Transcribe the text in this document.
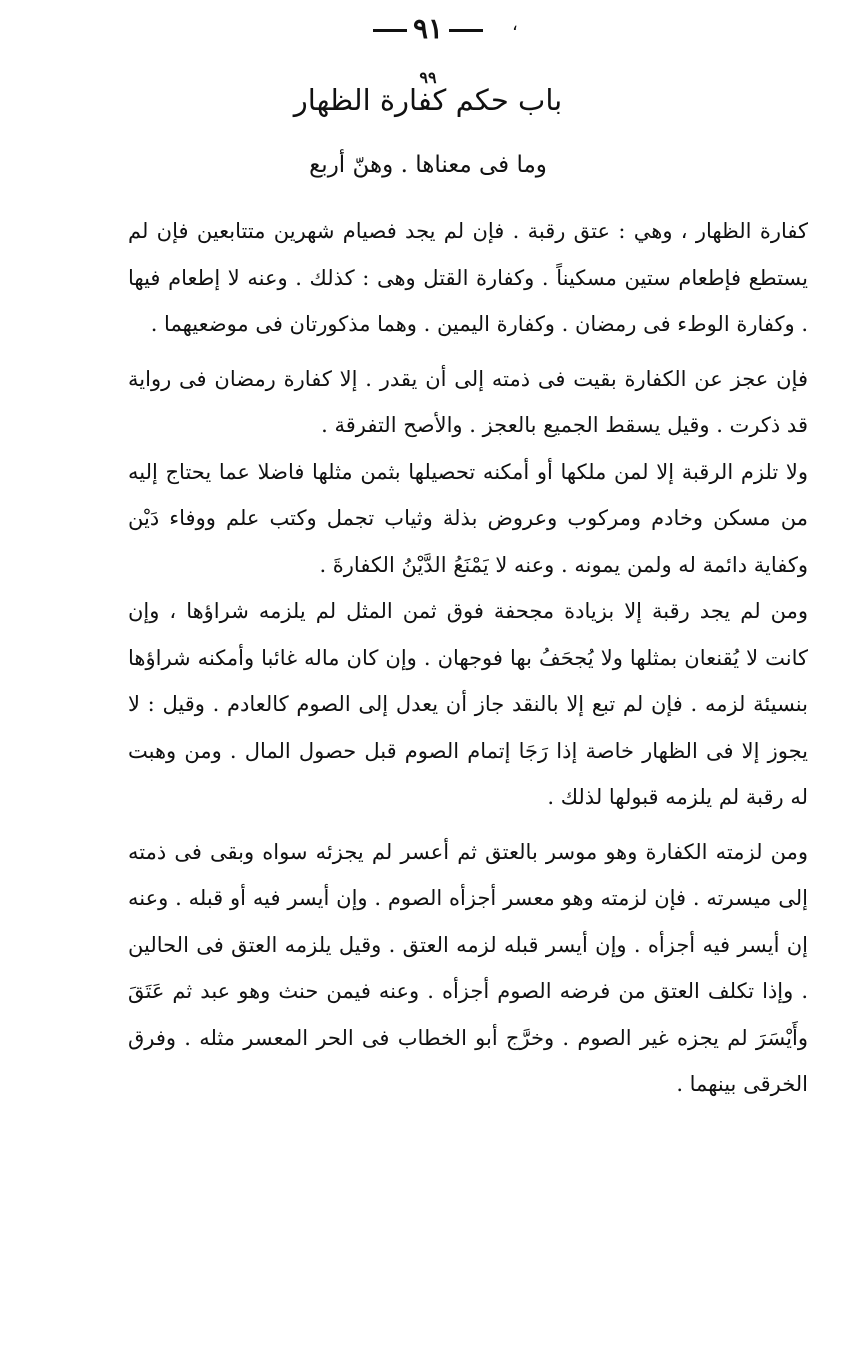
٩١	،
٩٩
باب حكم كفارة الظهار
وما فى معناها . وهنّ أربع

كفارة الظهار ، وهي : عتق رقبة . فإن لم يجد فصيام شهرين متتابعين فإن لم يستطع فإطعام ستين مسكيناً . وكفارة القتل وهى : كذلك . وعنه لا إطعام فيها . وكفارة الوطء فى رمضان . وكفارة اليمين . وهما مذكورتان فى موضعيهما .

فإن عجز عن الكفارة بقيت فى ذمته إلى أن يقدر . إلا كفارة رمضان فى رواية قد ذكرت . وقيل يسقط الجميع بالعجز . والأصح التفرقة .

ولا تلزم الرقبة إلا لمن ملكها أو أمكنه تحصيلها بثمن مثلها فاضلا عما يحتاج إليه من مسكن وخادم ومركوب وعروض بذلة وثياب تجمل وكتب علم ووفاء دَيْن وكفاية دائمة له ولمن يمونه . وعنه لا يَمْنَعُ الدَّيْنُ الكفارةَ .

ومن لم يجد رقبة إلا بزيادة مجحفة فوق ثمن المثل لم يلزمه شراؤها ، وإن كانت لا يُقنعان بمثلها ولا يُجحَفُ بها فوجهان . وإن كان ماله غائبا وأمكنه شراؤها بنسيئة لزمه . فإن لم تبع إلا بالنقد جاز أن يعدل إلى الصوم كالعادم . وقيل : لا يجوز إلا فى الظهار خاصة إذا رَجَا إتمام الصوم قبل حصول المال . ومن وهبت له رقبة لم يلزمه قبولها لذلك .

ومن لزمته الكفارة وهو موسر بالعتق ثم أعسر لم يجزئه سواه وبقى فى ذمته إلى ميسرته . فإن لزمته وهو معسر أجزأه الصوم . وإن أيسر فيه أو قبله . وعنه إن أيسر فيه أجزأه . وإن أيسر قبله لزمه العتق . وقيل يلزمه العتق فى الحالين . وإذا تكلف العتق من فرضه الصوم أجزأه . وعنه فيمن حنث وهو عبد ثم عَتَقَ وأَيْسَرَ لم يجزه غير الصوم . وخرَّج أبو الخطاب فى الحر المعسر مثله . وفرق الخرقى بينهما .
